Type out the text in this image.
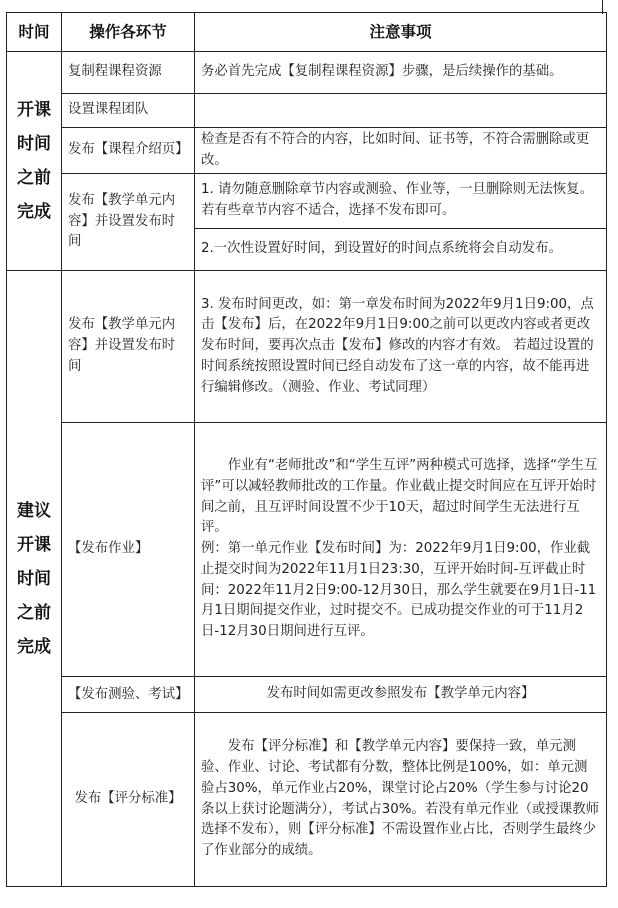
时间	操作各环节	注意事项

开课

时间

之前

完成	复制程课程资源	务必首先完成【复制程课程资源】步骤，是后续操作的基础。
	设置课程团队	
	发布【课程介绍页】	检查是否有不符合的内容，比如时间、证书等，不符合需删除或更改。
	发布【教学单元内容】并设置发布时间	1. 请勿随意删除章节内容或测验、作业等，一旦删除则无法恢复。若有些章节内容不适合，选择不发布即可。
		2.一次性设置好时间，到设置好的时间点系统将会自动发布。

建议

开课

时间

之前

完成	发布【教学单元内容】并设置发布时间	3. 发布时间更改，如：第一章发布时间为2022年9月1日9:00，点击【发布】后，在2022年9月1日9:00之前可以更改内容或者更改发布时间，要再次点击【发布】修改的内容才有效。 若超过设置的时间系统按照设置时间已经自动发布了这一章的内容，故不能再进行编辑修改。（测验、作业、考试同理）
	【发布作业】	作业有“老师批改”和“学生互评”两种模式可选择，选择“学生互评”可以减轻教师批改的工作量。作业截止提交时间应在互评开始时间之前，且互评时间设置不少于10天，超过时间学生无法进行互评。

例：第一单元作业【发布时间】为：2022年9月1日9:00，作业截止提交时间为2022年11月1日23:30，互评开始时间-互评截止时间：2022年11月2日9:00-12月30日，那么学生就要在9月1日-11月1日期间提交作业，过时提交不。已成功提交作业的可于11月2日-12月30日期间进行互评。

	【发布测验、考试】	发布时间如需更改参照发布【教学单元内容】
	发布【评分标准】	发布【评分标准】和【教学单元内容】要保持一致，单元测验、作业、讨论、考试都有分数，整体比例是100%，如：单元测验占30%，单元作业占20%，课堂讨论占20%（学生参与讨论20条以上获讨论题满分），考试占30%。若没有单元作业（或授课教师选择不发布），则【评分标准】不需设置作业占比，否则学生最终少了作业部分的成绩。
